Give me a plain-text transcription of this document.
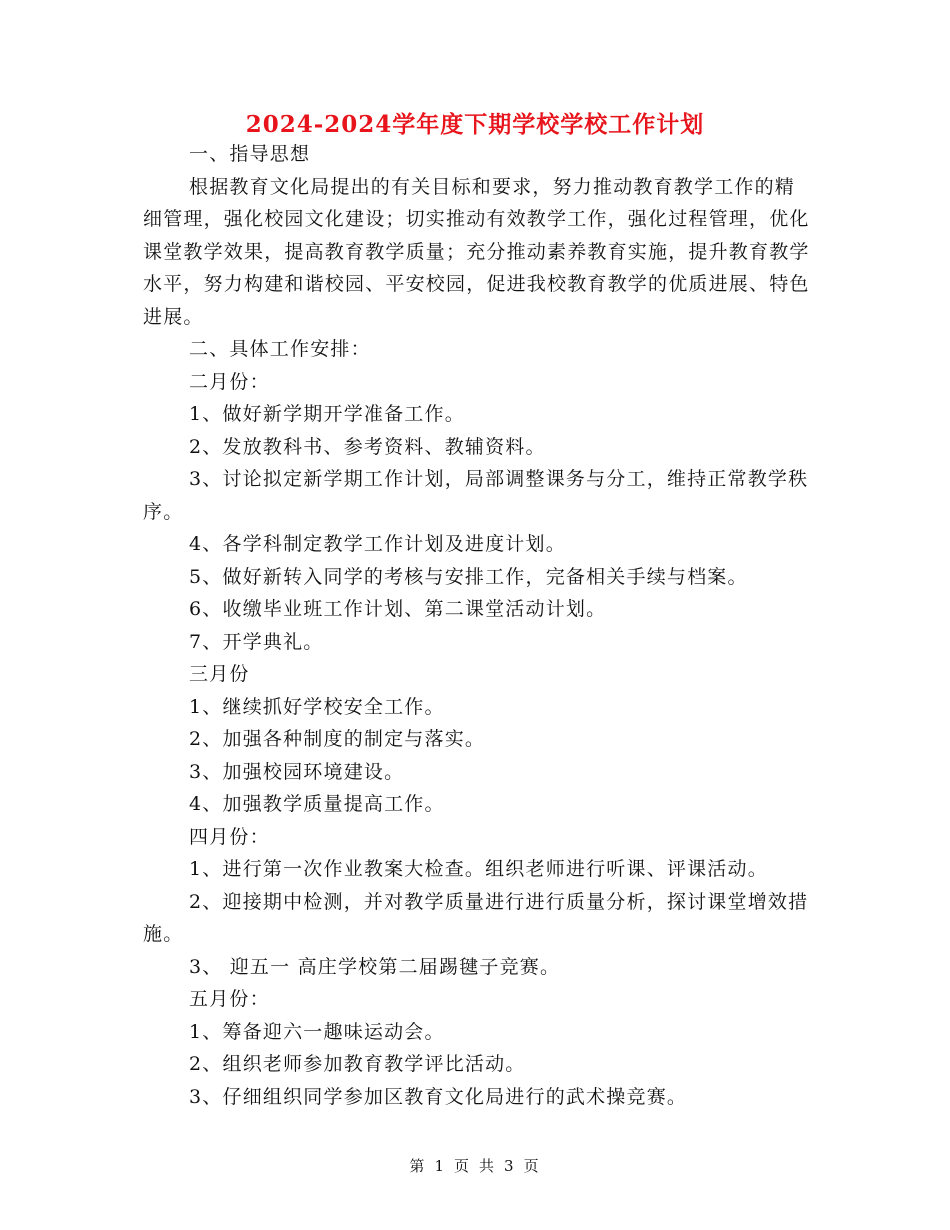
2024-2024学年度下期学校学校工作计划

一、指导思想

根据教育文化局提出的有关目标和要求，努力推动教育教学工作的精细管理，强化校园文化建设；切实推动有效教学工作，强化过程管理，优化课堂教学效果，提高教育教学质量；充分推动素养教育实施，提升教育教学水平，努力构建和谐校园、平安校园，促进我校教育教学的优质进展、特色进展。

二、具体工作安排：

二月份：

1、做好新学期开学准备工作。

2、发放教科书、参考资料、教辅资料。

3、讨论拟定新学期工作计划，局部调整课务与分工，维持正常教学秩序。

4、各学科制定教学工作计划及进度计划。

5、做好新转入同学的考核与安排工作，完备相关手续与档案。

6、收缴毕业班工作计划、第二课堂活动计划。

7、开学典礼。

三月份

1、继续抓好学校安全工作。

2、加强各种制度的制定与落实。

3、加强校园环境建设。

4、加强教学质量提高工作。

四月份：

1、进行第一次作业教案大检查。组织老师进行听课、评课活动。

2、迎接期中检测，并对教学质量进行进行质量分析，探讨课堂增效措施。

3、 迎五一 高庄学校第二届踢毽子竞赛。

五月份：

1、筹备迎六一趣味运动会。

2、组织老师参加教育教学评比活动。

3、仔细组织同学参加区教育文化局进行的武术操竞赛。

第 1 页 共 3 页
